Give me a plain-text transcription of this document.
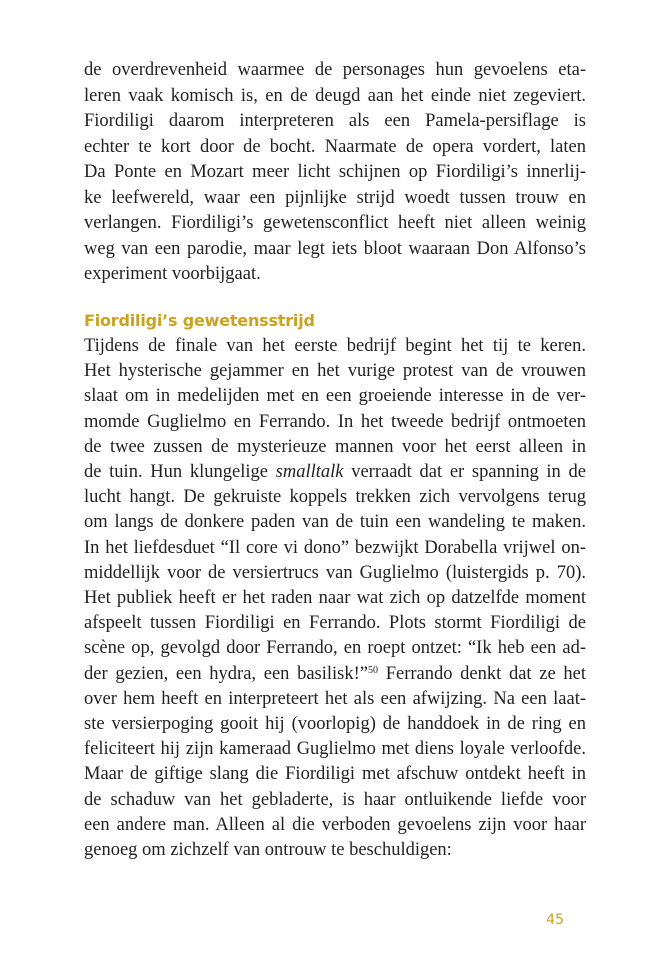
de overdrevenheid waarmee de personages hun gevoelens eta-
leren vaak komisch is, en de deugd aan het einde niet zegeviert.
Fiordiligi daarom interpreteren als een Pamela-persiflage is
echter te kort door de bocht. Naarmate de opera vordert, laten
Da Ponte en Mozart meer licht schijnen op Fiordiligi’s innerlij-
ke leefwereld, waar een pijnlijke strijd woedt tussen trouw en
verlangen. Fiordiligi’s gewetensconflict heeft niet alleen weinig
weg van een parodie, maar legt iets bloot waaraan Don Alfonso’s
experiment voorbijgaat.
Fiordiligi’s gewetensstrijd
Tijdens de finale van het eerste bedrijf begint het tij te keren.
Het hysterische gejammer en het vurige protest van de vrouwen
slaat om in medelijden met en een groeiende interesse in de ver-
momde Guglielmo en Ferrando. In het tweede bedrijf ontmoeten
de twee zussen de mysterieuze mannen voor het eerst alleen in
de tuin. Hun klungelige smalltalk verraadt dat er spanning in de
lucht hangt. De gekruiste koppels trekken zich vervolgens terug
om langs de donkere paden van de tuin een wandeling te maken.
In het liefdesduet “Il core vi dono” bezwijkt Dorabella vrijwel on-
middellijk voor de versiertrucs van Guglielmo (luistergids p. 70).
Het publiek heeft er het raden naar wat zich op datzelfde moment
afspeelt tussen Fiordiligi en Ferrando. Plots stormt Fiordiligi de
scène op, gevolgd door Ferrando, en roept ontzet: “Ik heb een ad-
der gezien, een hydra, een basilisk!”$^{50}$ Ferrando denkt dat ze het
over hem heeft en interpreteert het als een afwijzing. Na een laat-
ste versierpoging gooit hij (voorlopig) de handdoek in de ring en
feliciteert hij zijn kameraad Guglielmo met diens loyale verloofde.
Maar de giftige slang die Fiordiligi met afschuw ontdekt heeft in
de schaduw van het gebladerte, is haar ontluikende liefde voor
een andere man. Alleen al die verboden gevoelens zijn voor haar
genoeg om zichzelf van ontrouw te beschuldigen:
45
